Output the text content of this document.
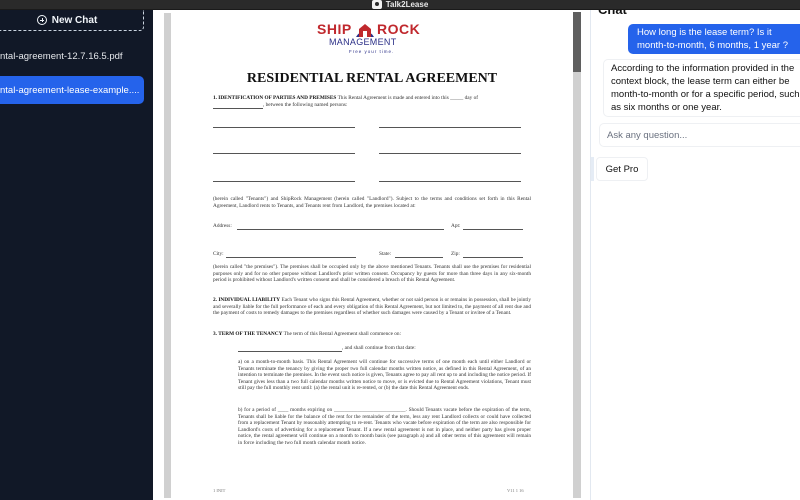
Talk2Lease
New Chat
ntal-agreement-12.7.16.5.pdf
ntal-agreement-lease-example....
SHIP ROCK
MANAGEMENT
Free your time.
RESIDENTIAL RENTAL AGREEMENT
1. IDENTIFICATION OF PARTIES AND PREMISES This Rental Agreement is made and entered into this _____ day of
, between the following named persons:
(herein called "Tenants") and ShipRock Management (herein called "Landlord"). Subject to the terms and conditions set forth in this Rental Agreement, Landlord rents to Tenants, and Tenants rent from Landlord, the premises located at:
Address:	Apt:
City:	State:	Zip:
(herein called "the premises"). The premises shall be occupied only by the above mentioned Tenants. Tenants shall use the premises for residential purposes only and for no other purpose without Landlord's prior written consent. Occupancy by guests for more than three days in any six-month period is prohibited without Landlord's written consent and shall be considered a breach of this Rental Agreement.
2. INDIVIDUAL LIABILITY Each Tenant who signs this Rental Agreement, whether or not said person is or remains in possession, shall be jointly and severally liable for the full performance of each and every obligation of this Rental Agreement, but not limited to, the payment of all rent due and the payment of costs to remedy damages to the premises regardless of whether such damages were caused by a Tenant or invitee of a Tenant.
3. TERM OF THE TENANCY The term of this Rental Agreement shall commence on:
, and shall continue from that date:
a) on a month-to-month basis. This Rental Agreement will continue for successive terms of one month each until either Landlord or Tenants terminate the tenancy by giving the proper two full calendar months written notice, as defined in this Rental Agreement, of an intention to terminate the premises. In the event such notice is given, Tenants agree to pay all rent up to and including the notice period. If Tenant gives less than a two full calendar months written notice to move, or is evicted due to Rental Agreement violations, Tenant must still pay the full monthly rent until: (a) the rental unit is re-rented, or (b) the date this Rental Agreement ends.
b) for a period of ____ months expiring on ___________________________. Should Tenants vacate before the expiration of the term, Tenants shall be liable for the balance of the rent for the remainder of the term, less any rent Landlord collects or could have collected from a replacement Tenant by reasonably attempting to re-rent. Tenants who vacate before expiration of the term are also responsible for Landlord's costs of advertising for a replacement Tenant. If a new rental agreement is not in place, and neither party has given proper notice, the rental agreement will continue on a month to month basis (see paragraph a) and all other terms of this agreement will remain in force including the two full month calendar month notice.
1 INIT	V11 1 16
How long is the lease term? Is it month-to-month, 6 months, 1 year ?
According to the information provided in the context block, the lease term can either be month-to-month or for a specific period, such as six months or one year.
Ask any question...
Get Pro
